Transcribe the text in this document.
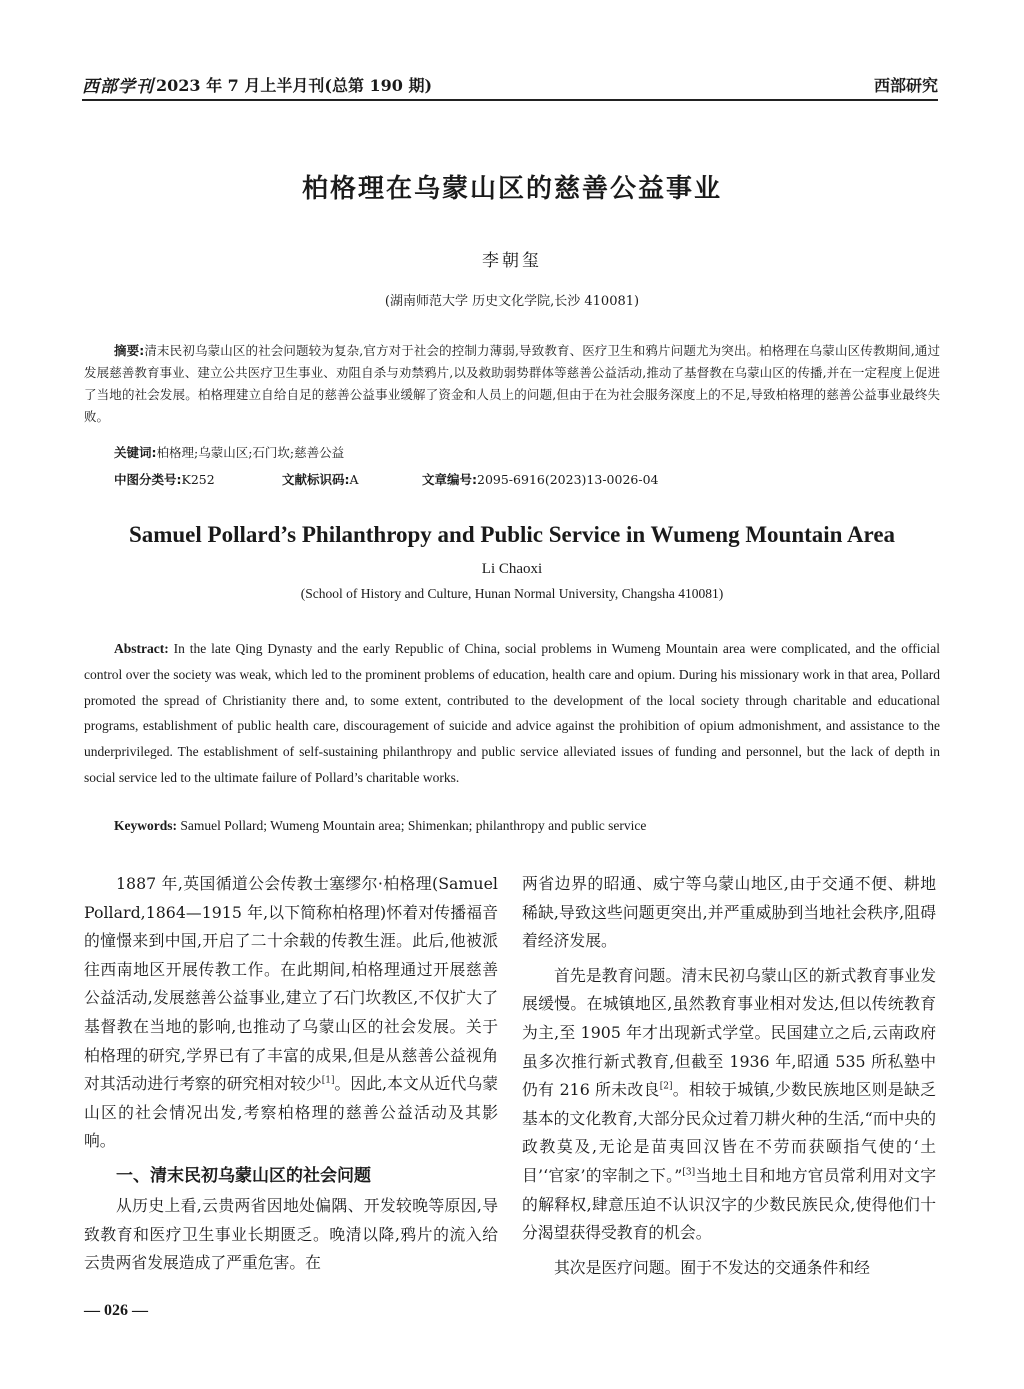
西部学刊 2023 年 7 月上半月刊(总第 190 期)	西部研究
柏格理在乌蒙山区的慈善公益事业
李朝玺
(湖南师范大学 历史文化学院,长沙 410081)
摘要:清末民初乌蒙山区的社会问题较为复杂,官方对于社会的控制力薄弱,导致教育、医疗卫生和鸦片问题尤为突出。柏格理在乌蒙山区传教期间,通过发展慈善教育事业、建立公共医疗卫生事业、劝阻自杀与劝禁鸦片,以及救助弱势群体等慈善公益活动,推动了基督教在乌蒙山区的传播,并在一定程度上促进了当地的社会发展。柏格理建立自给自足的慈善公益事业缓解了资金和人员上的问题,但由于在为社会服务深度上的不足,导致柏格理的慈善公益事业最终失败。
关键词:柏格理;乌蒙山区;石门坎;慈善公益
中图分类号:K252	文献标识码:A	文章编号:2095-6916(2023)13-0026-04
Samuel Pollard’s Philanthropy and Public Service in Wumeng Mountain Area
Li Chaoxi
(School of History and Culture, Hunan Normal University, Changsha 410081)
Abstract: In the late Qing Dynasty and the early Republic of China, social problems in Wumeng Mountain area were complicated, and the official control over the society was weak, which led to the prominent problems of education, health care and opium. During his missionary work in that area, Pollard promoted the spread of Christianity there and, to some extent, contributed to the development of the local society through charitable and educational programs, establishment of public health care, discouragement of suicide and advice against the prohibition of opium admonishment, and assistance to the underprivileged. The establishment of self-sustaining philanthropy and public service alleviated issues of funding and personnel, but the lack of depth in social service led to the ultimate failure of Pollard’s charitable works.
Keywords: Samuel Pollard; Wumeng Mountain area; Shimenkan; philanthropy and public service

1887 年,英国循道公会传教士塞缪尔·柏格理(Samuel Pollard,1864—1915 年,以下简称柏格理)怀着对传播福音的憧憬来到中国,开启了二十余载的传教生涯。此后,他被派往西南地区开展传教工作。在此期间,柏格理通过开展慈善公益活动,发展慈善公益事业,建立了石门坎教区,不仅扩大了基督教在当地的影响,也推动了乌蒙山区的社会发展。关于柏格理的研究,学界已有了丰富的成果,但是从慈善公益视角对其活动进行考察的研究相对较少[1]。因此,本文从近代乌蒙山区的社会情况出发,考察柏格理的慈善公益活动及其影响。

一、清末民初乌蒙山区的社会问题

从历史上看,云贵两省因地处偏隅、开发较晚等原因,导致教育和医疗卫生事业长期匮乏。晚清以降,鸦片的流入给云贵两省发展造成了严重危害。在

两省边界的昭通、威宁等乌蒙山地区,由于交通不便、耕地稀缺,导致这些问题更突出,并严重威胁到当地社会秩序,阻碍着经济发展。

首先是教育问题。清末民初乌蒙山区的新式教育事业发展缓慢。在城镇地区,虽然教育事业相对发达,但以传统教育为主,至 1905 年才出现新式学堂。民国建立之后,云南政府虽多次推行新式教育,但截至 1936 年,昭通 535 所私塾中仍有 216 所未改良[2]。相较于城镇,少数民族地区则是缺乏基本的文化教育,大部分民众过着刀耕火种的生活,“而中央的政教莫及,无论是苗夷回汉皆在不劳而获颐指气使的‘土目’‘官家’的宰制之下。”[3]当地土目和地方官员常利用对文字的解释权,肆意压迫不认识汉字的少数民族民众,使得他们十分渴望获得受教育的机会。

其次是医疗问题。囿于不发达的交通条件和经

— 026 —
